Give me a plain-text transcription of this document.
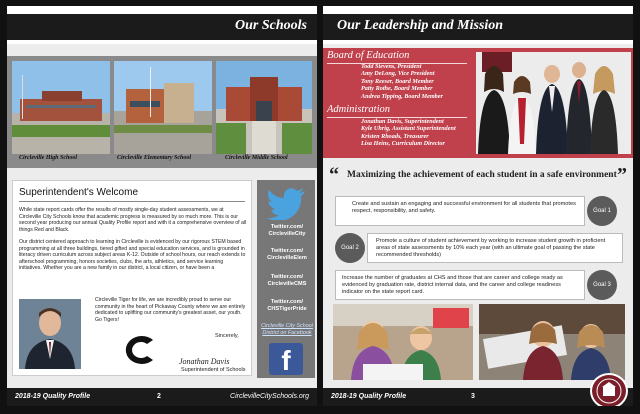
Our Schools
Circleville High School	Circleville Elementary School	Circleville Middle School
Superintendent's Welcome
While state report cards offer the results of mostly single-day student assessments, we at Circleville City Schools know that academic progress is measured by so much more. This is our second year producing our annual Quality Profile report and with it a comprehensive overview of all things Red and Black.
Our district centered approach to learning in Circleville is evidenced by our rigorous STEM based programming at all three buildings, tiered gifted and special education services, and is grounded in literacy driven curriculum across subject areas K-12. Outside of school hours, our reach extends to afterschool programming, honors societies, clubs, the arts, athletics, and service learning initiatives. Whether you are a new family in our district, a local citizen, or have been a
Circleville Tiger for life, we are incredibly proud to serve our community in the heart of Pickaway County where we are entirely dedicated to uplifting our community's greatest asset, our youth. Go Tigers!
Sincerely,
Jonathan Davis
Superintendent of Schools
Twitter.com/ CirclevilleCity
Twitter.com/ CirclevilleElem
Twitter.com/ CirclevilleCMS
Twitter.com/ CHSTigerPride
Circleville City School District on Facebook
f
2018-19 Quality Profile	2	CirclevilleCitySchools.org
Our Leadership and Mission
Board of Education
Todd Stevens, President
Amy DeLong, Vice President
Tony Reeser, Board Member
Patty Rothe, Board Member
Andrea Tipping, Board Member
Administration
Jonathan Davis, Superintendent
Kyle Uhrig, Assistant Superintendent
Kristen Rhoads, Treasurer
Lisa Heins, Curriculum Director
“ Maximizing the achievement of each student in a safe environment ”
Create and sustain an engaging and successful environment for all students that promotes respect, responsibility, and safety.	Goal 1
Goal 2
Promote a culture of student achievement by working to increase student growth in proficient areas of state assessments by 10% each year (with an ultimate goal of passing the state recommended thresholds)
Increase the number of graduates at CHS and those that are career and college ready as evidenced by graduation rate, district internal data, and the career and college readiness indicator on the state report card.
Goal 3
2018-19 Quality Profile	3
